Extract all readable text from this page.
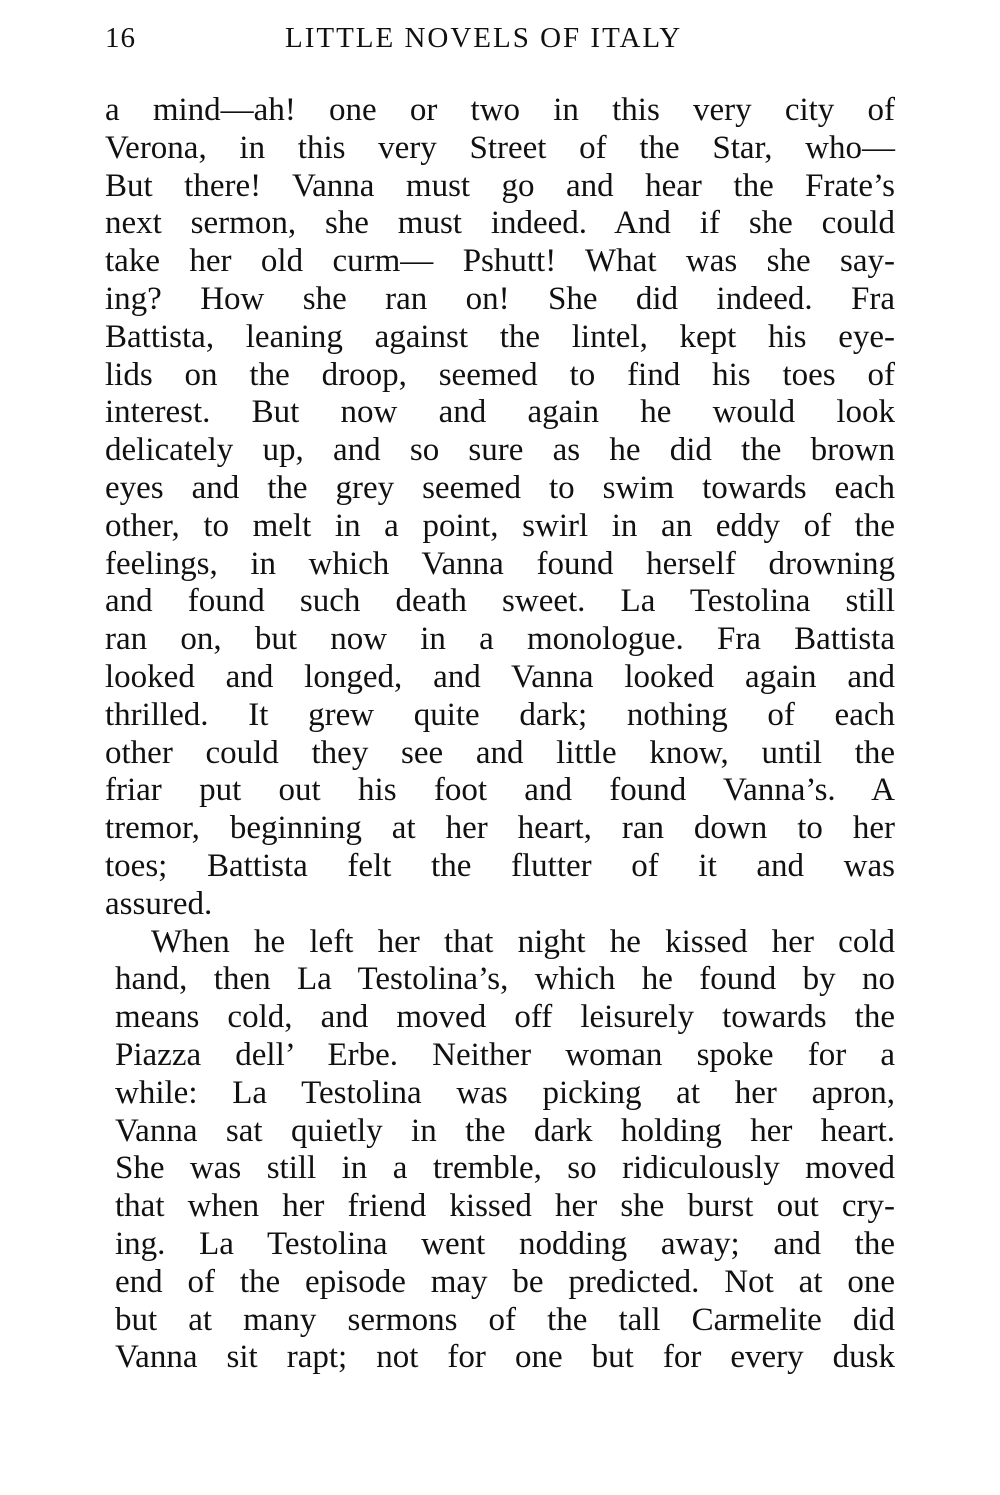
16	LITTLE NOVELS OF ITALY
a mind—ah! one or two in this very city of
Verona, in this very Street of the Star, who—
But there! Vanna must go and hear the Frate’s
next sermon, she must indeed. And if she could
take her old curm— Pshutt! What was she say-
ing? How she ran on! She did indeed. Fra
Battista, leaning against the lintel, kept his eye-
lids on the droop, seemed to find his toes of
interest. But now and again he would look
delicately up, and so sure as he did the brown
eyes and the grey seemed to swim towards each
other, to melt in a point, swirl in an eddy of the
feelings, in which Vanna found herself drowning
and found such death sweet. La Testolina still
ran on, but now in a monologue. Fra Battista
looked and longed, and Vanna looked again and
thrilled. It grew quite dark; nothing of each
other could they see and little know, until the
friar put out his foot and found Vanna’s. A
tremor, beginning at her heart, ran down to her
toes; Battista felt the flutter of it and was
assured.
When he left her that night he kissed her cold
hand, then La Testolina’s, which he found by no
means cold, and moved off leisurely towards the
Piazza dell’ Erbe. Neither woman spoke for a
while: La Testolina was picking at her apron,
Vanna sat quietly in the dark holding her heart.
She was still in a tremble, so ridiculously moved
that when her friend kissed her she burst out cry-
ing. La Testolina went nodding away; and the
end of the episode may be predicted. Not at one
but at many sermons of the tall Carmelite did
Vanna sit rapt; not for one but for every dusk
